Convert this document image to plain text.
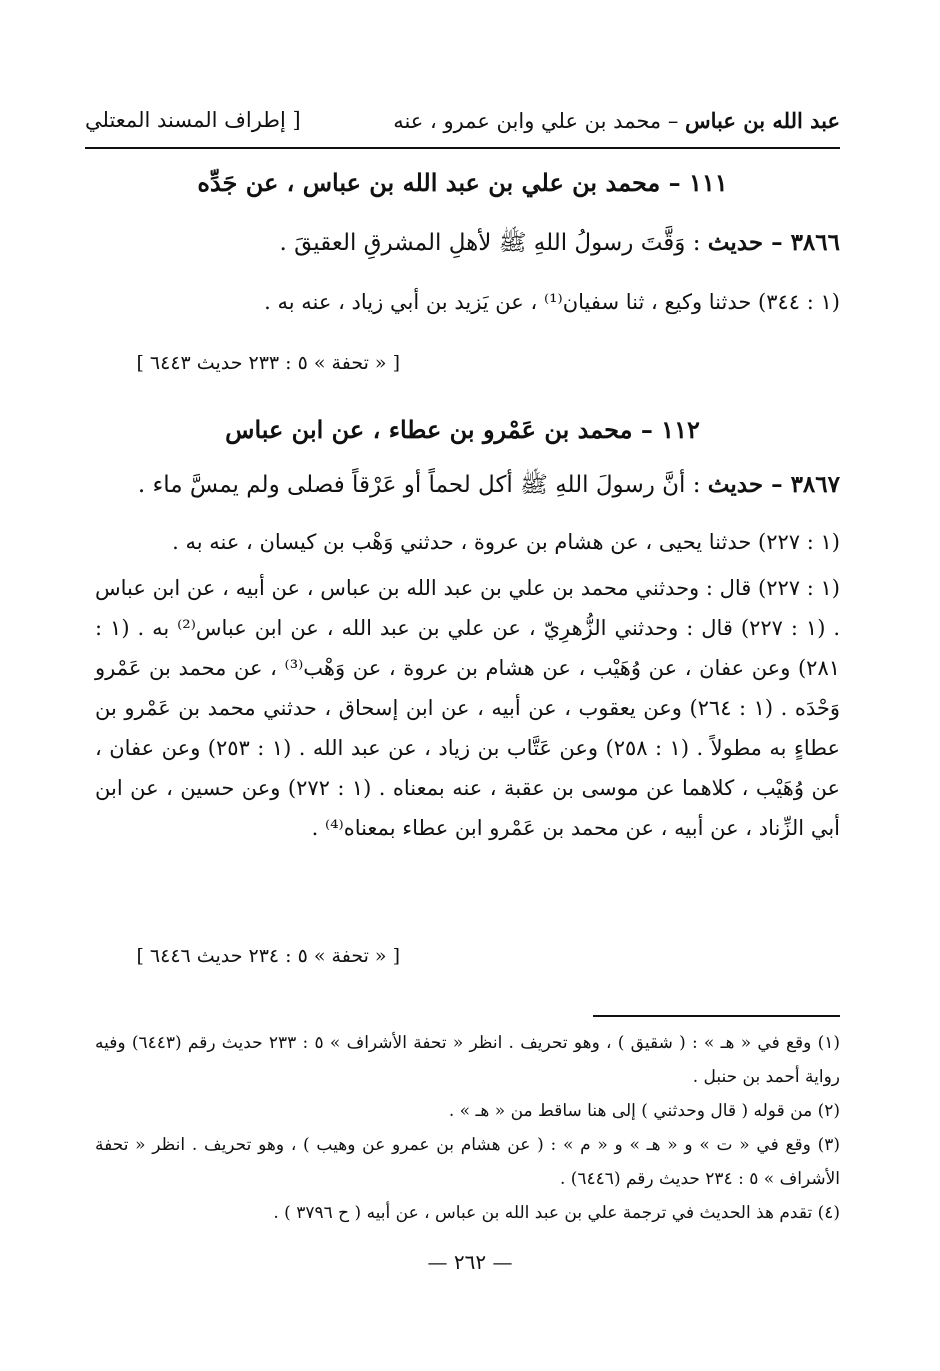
عبد الله بن عباس – محمد بن علي وابن عمرو ، عنه
[ إطراف المسند المعتلي
١١١ – محمد بن علي بن عبد الله بن عباس ، عن جَدِّه
٣٨٦٦ – حديث : وَقَّتَ رسولُ اللهِ ﷺ لأهلِ المشرقِ العقيقَ .
(١ : ٣٤٤) حدثنا وكيع ، ثنا سفيان⁽¹⁾ ، عن يَزيد بن أبي زياد ، عنه به .
[ « تحفة » ٥ : ٢٣٣ حديث ٦٤٤٣ ]
١١٢ – محمد بن عَمْرو بن عطاء ، عن ابن عباس
٣٨٦٧ – حديث : أنَّ رسولَ اللهِ ﷺ أكل لحماً أو عَرْقاً فصلى ولم يمسَّ ماء .
(١ : ٢٢٧) حدثنا يحيى ، عن هشام بن عروة ، حدثني وَهْب بن كيسان ، عنه به .
(١ : ٢٢٧) قال : وحدثني محمد بن علي بن عبد الله بن عباس ، عن أبيه ، عن ابن عباس . (١ : ٢٢٧) قال : وحدثني الزُّهرِيّ ، عن علي بن عبد الله ، عن ابن عباس⁽²⁾ به . (١ : ٢٨١) وعن عفان ، عن وُهَيْب ، عن هشام بن عروة ، عن وَهْب⁽³⁾ ، عن محمد بن عَمْرو وَحْدَه . (١ : ٢٦٤) وعن يعقوب ، عن أبيه ، عن ابن إسحاق ، حدثني محمد بن عَمْرو بن عطاءٍ به مطولاً . (١ : ٢٥٨) وعن عَتَّاب بن زياد ، عن عبد الله . (١ : ٢٥٣) وعن عفان ، عن وُهَيْب ، كلاهما عن موسى بن عقبة ، عنه بمعناه . (١ : ٢٧٢) وعن حسين ، عن ابن أبي الزِّناد ، عن أبيه ، عن محمد بن عَمْرو ابن عطاء بمعناه⁽⁴⁾ .
[ « تحفة » ٥ : ٢٣٤ حديث ٦٤٤٦ ]
(١) وقع في « هـ » : ( شقيق ) ، وهو تحريف . انظر « تحفة الأشراف » ٥ : ٢٣٣ حديث رقم (٦٤٤٣) وفيه رواية أحمد بن حنبل .
(٢) من قوله ( قال وحدثني ) إلى هنا ساقط من « هـ » .
(٣) وقع في « ت » و « هـ » و « م » : ( عن هشام بن عمرو عن وهيب ) ، وهو تحريف . انظر « تحفة الأشراف » ٥ : ٢٣٤ حديث رقم (٦٤٤٦) .
(٤) تقدم هذ الحديث في ترجمة علي بن عبد الله بن عباس ، عن أبيه ( ح ٣٧٩٦ ) .
— ٢٦٢ —
